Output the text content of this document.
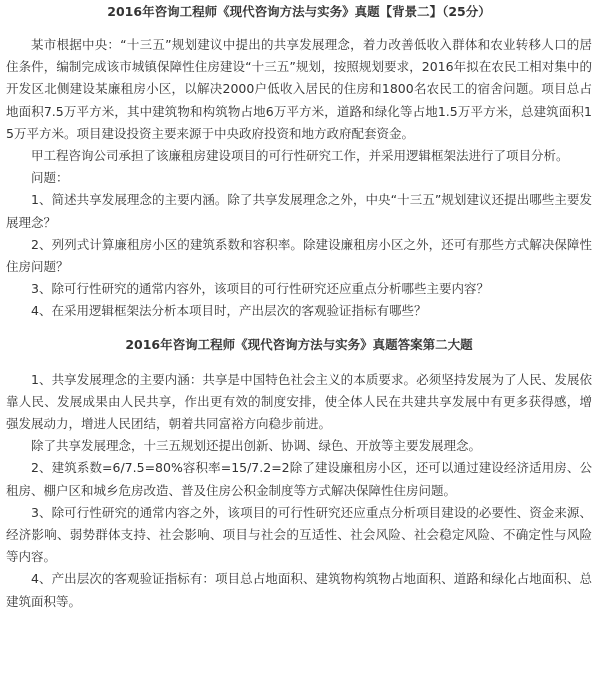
2016年咨询工程师《现代咨询方法与实务》真题【背景二】（25分）

某市根据中央：“十三五”规划建议中提出的共享发展理念，着力改善低收入群体和农业转移人口的居住条件，编制完成该市城镇保障性住房建设“十三五”规划，按照规划要求，2016年拟在农民工相对集中的开发区北侧建设某廉租房小区，以解决2000户低收入居民的住房和1800名农民工的宿舍问题。项目总占地面积7.5万平方米，其中建筑物和构筑物占地6万平方米，道路和绿化等占地1.5万平方米，总建筑面积15万平方米。项目建设投资主要来源于中央政府投资和地方政府配套资金。

甲工程咨询公司承担了该廉租房建设项目的可行性研究工作，并采用逻辑框架法进行了项目分析。

问题：

1、简述共享发展理念的主要内涵。除了共享发展理念之外，中央“十三五”规划建议还提出哪些主要发展理念？

2、列列式计算廉租房小区的建筑系数和容积率。除建设廉租房小区之外，还可有那些方式解决保障性住房问题？

3、除可行性研究的通常内容外，该项目的可行性研究还应重点分析哪些主要内容？

4、在采用逻辑框架法分析本项目时，产出层次的客观验证指标有哪些？

2016年咨询工程师《现代咨询方法与实务》真题答案第二大题

1、共享发展理念的主要内涵：共享是中国特色社会主义的本质要求。必须坚持发展为了人民、发展依靠人民、发展成果由人民共享，作出更有效的制度安排，使全体人民在共建共享发展中有更多获得感，增强发展动力，增进人民团结，朝着共同富裕方向稳步前进。

除了共享发展理念，十三五规划还提出创新、协调、绿色、开放等主要发展理念。

2、建筑系数=6/7.5=80%容积率=15/7.2=2除了建设廉租房小区，还可以通过建设经济适用房、公租房、棚户区和城乡危房改造、普及住房公积金制度等方式解决保障性住房问题。

3、除可行性研究的通常内容之外，该项目的可行性研究还应重点分析项目建设的必要性、资金来源、经济影响、弱势群体支持、社会影响、项目与社会的互适性、社会风险、社会稳定风险、不确定性与风险等内容。

4、产出层次的客观验证指标有：项目总占地面积、建筑物构筑物占地面积、道路和绿化占地面积、总建筑面积等。
